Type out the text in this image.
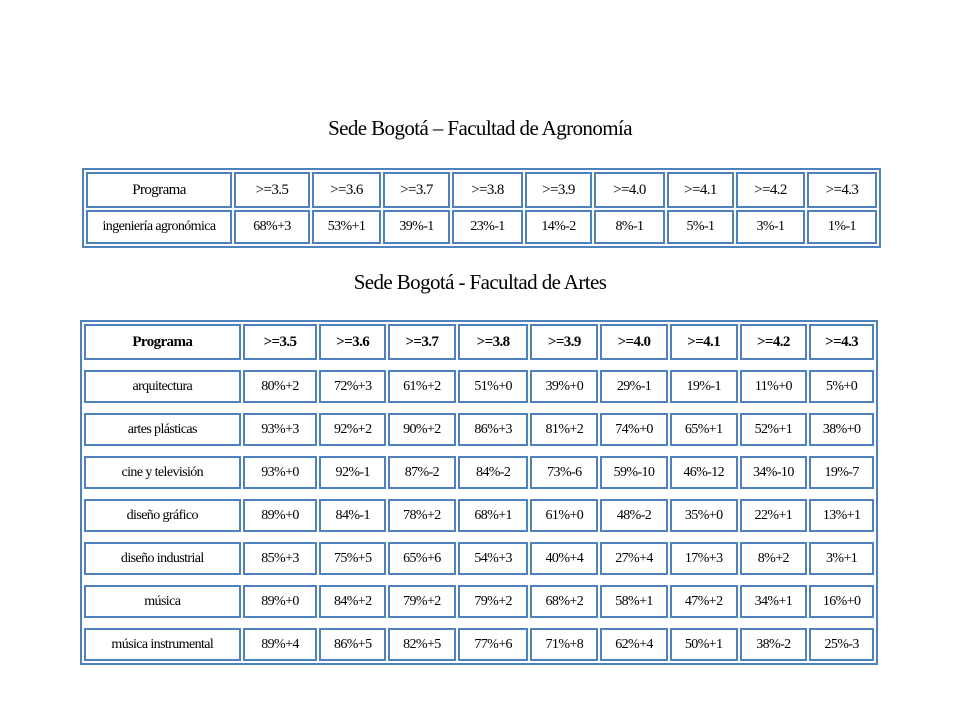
Sede Bogotá – Facultad de Agronomía
Programa	>=3.5	>=3.6	>=3.7	>=3.8	>=3.9	>=4.0	>=4.1	>=4.2	>=4.3
ingeniería agronómica	68%+3	53%+1	39%-1	23%-1	14%-2	8%-1	5%-1	3%-1	1%-1
Sede Bogotá - Facultad de Artes
Programa	>=3.5	>=3.6	>=3.7	>=3.8	>=3.9	>=4.0	>=4.1	>=4.2	>=4.3

arquitectura	80%+2	72%+3	61%+2	51%+0	39%+0	29%-1	19%-1	11%+0	5%+0

artes plásticas	93%+3	92%+2	90%+2	86%+3	81%+2	74%+0	65%+1	52%+1	38%+0

cine y televisión	93%+0	92%-1	87%-2	84%-2	73%-6	59%-10	46%-12	34%-10	19%-7

diseño gráfico	89%+0	84%-1	78%+2	68%+1	61%+0	48%-2	35%+0	22%+1	13%+1

diseño industrial	85%+3	75%+5	65%+6	54%+3	40%+4	27%+4	17%+3	8%+2	3%+1

música	89%+0	84%+2	79%+2	79%+2	68%+2	58%+1	47%+2	34%+1	16%+0

música instrumental	89%+4	86%+5	82%+5	77%+6	71%+8	62%+4	50%+1	38%-2	25%-3
